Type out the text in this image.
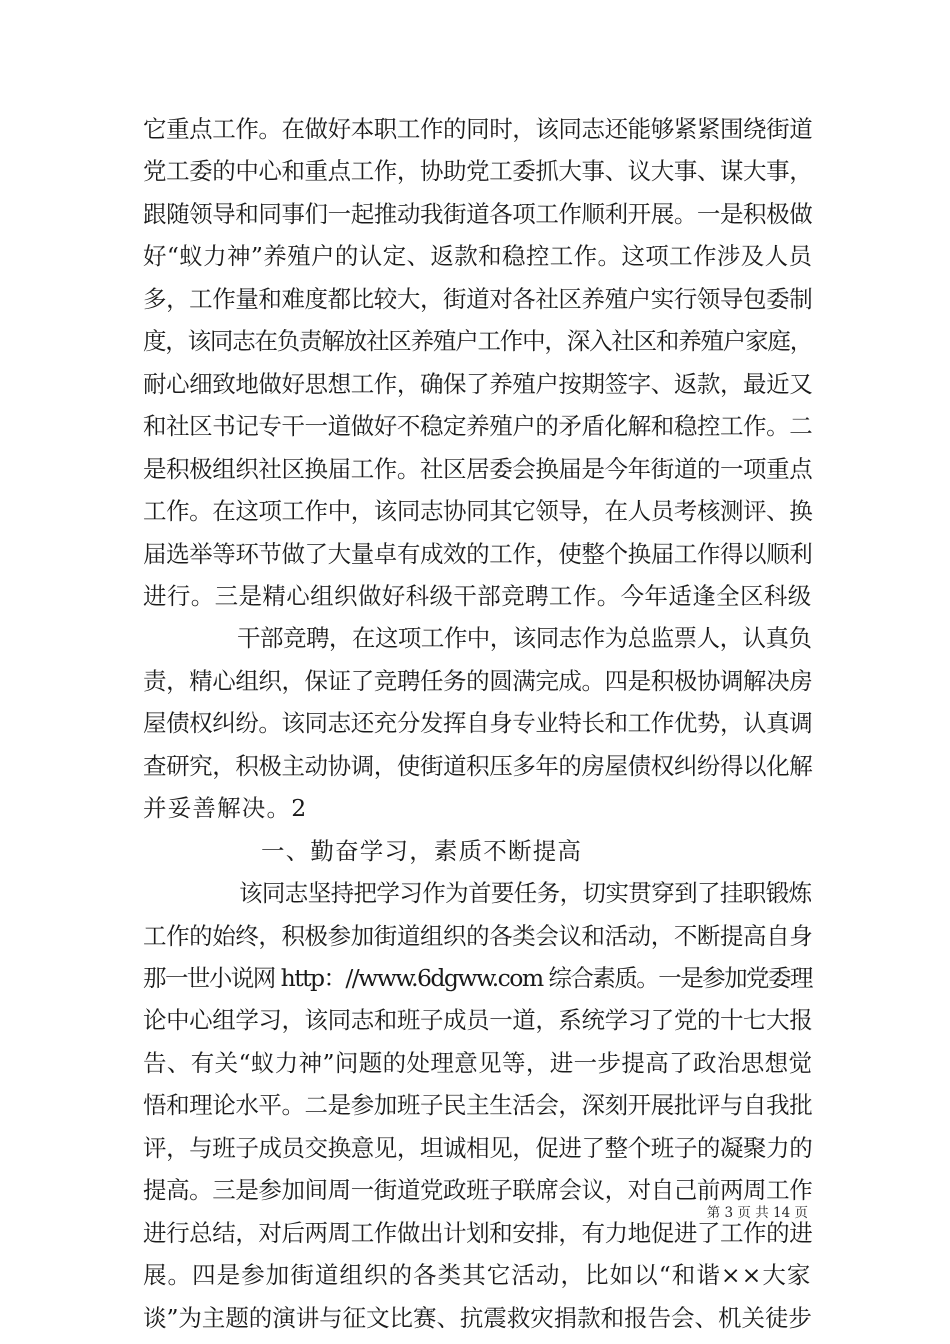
它重点工作。在做好本职工作的同时，该同志还能够紧紧围绕街道
党工委的中心和重点工作，协助党工委抓大事、议大事、谋大事，
跟随领导和同事们一起推动我街道各项工作顺利开展。一是积极做
好“蚁力神”养殖户的认定、返款和稳控工作。这项工作涉及人员
多，工作量和难度都比较大，街道对各社区养殖户实行领导包委制
度，该同志在负责解放社区养殖户工作中，深入社区和养殖户家庭，
耐心细致地做好思想工作，确保了养殖户按期签字、返款，最近又
和社区书记专干一道做好不稳定养殖户的矛盾化解和稳控工作。二
是积极组织社区换届工作。社区居委会换届是今年街道的一项重点
工作。在这项工作中，该同志协同其它领导，在人员考核测评、换
届选举等环节做了大量卓有成效的工作，使整个换届工作得以顺利
进行。三是精心组织做好科级干部竞聘工作。今年适逢全区科级
干部竞聘，在这项工作中，该同志作为总监票人，认真负
责，精心组织，保证了竞聘任务的圆满完成。四是积极协调解决房
屋债权纠纷。该同志还充分发挥自身专业特长和工作优势，认真调
查研究，积极主动协调，使街道积压多年的房屋债权纠纷得以化解
并妥善解决。2
一、勤奋学习，素质不断提高
该同志坚持把学习作为首要任务，切实贯穿到了挂职锻炼
工作的始终，积极参加街道组织的各类会议和活动，不断提高自身
那一世小说网 http：//www.6dgww.com 综合素质。一是参加党委理
论中心组学习，该同志和班子成员一道，系统学习了党的十七大报
告、有关“蚁力神”问题的处理意见等，进一步提高了政治思想觉
悟和理论水平。二是参加班子民主生活会，深刻开展批评与自我批
评，与班子成员交换意见，坦诚相见，促进了整个班子的凝聚力的
提高。三是参加间周一街道党政班子联席会议，对自己前两周工作
进行总结，对后两周工作做出计划和安排，有力地促进了工作的进
展。四是参加街道组织的各类其它活动，比如以“和谐××大家
谈”为主题的演讲与征文比赛、抗震救灾捐款和报告会、机关徒步
第 3 页 共 14 页
